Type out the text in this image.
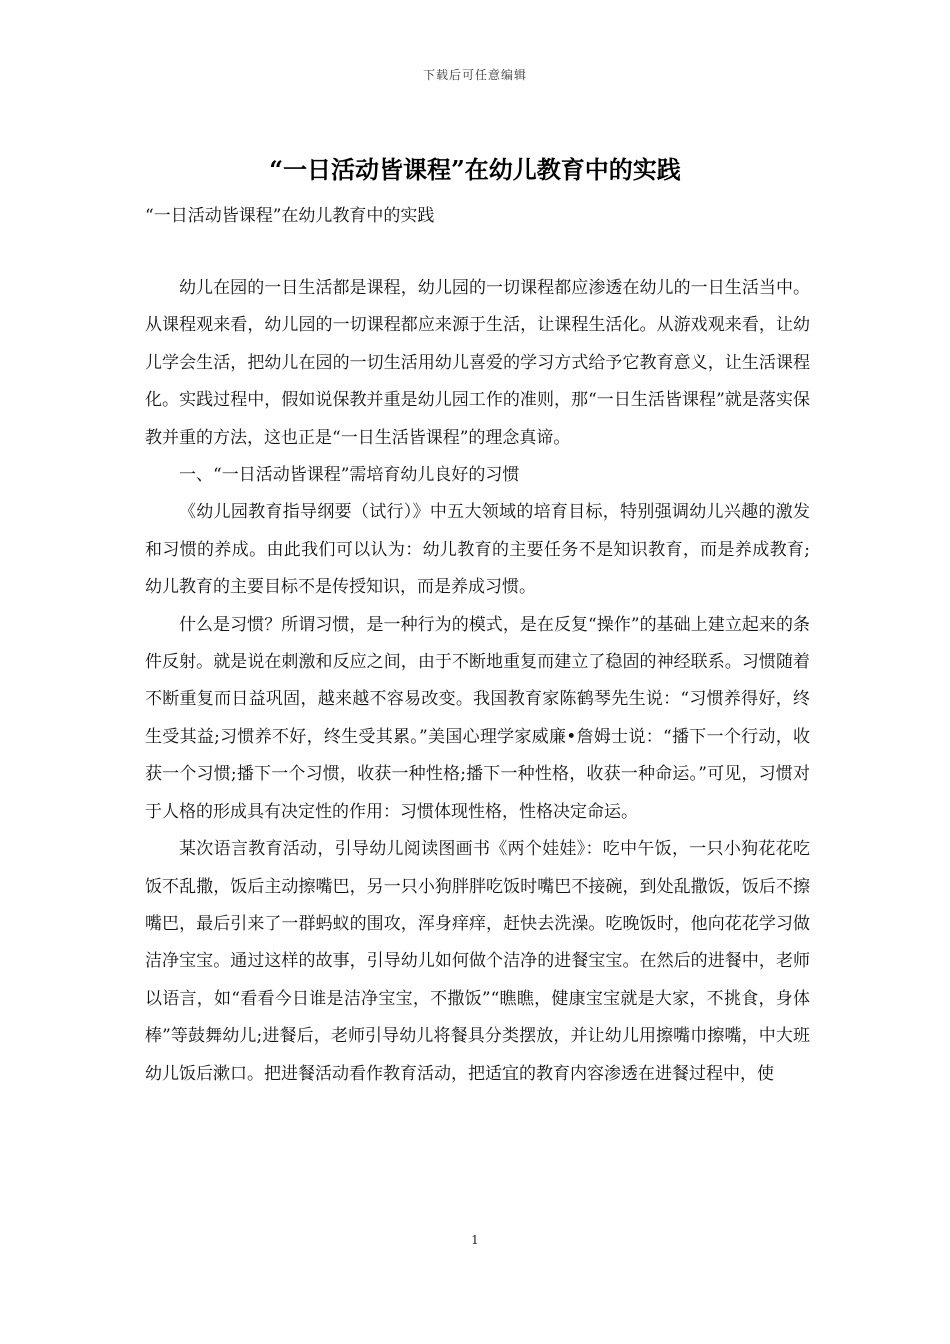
下载后可任意编辑
“一日活动皆课程”在幼儿教育中的实践
“一日活动皆课程”在幼儿教育中的实践

幼儿在园的一日生活都是课程，幼儿园的一切课程都应渗透在幼儿的一日生活当中。从课程观来看，幼儿园的一切课程都应来源于生活，让课程生活化。从游戏观来看，让幼儿学会生活，把幼儿在园的一切生活用幼儿喜爱的学习方式给予它教育意义，让生活课程化。实践过程中，假如说保教并重是幼儿园工作的准则，那“一日生活皆课程”就是落实保教并重的方法，这也正是“一日生活皆课程”的理念真谛。

一、“一日活动皆课程”需培育幼儿良好的习惯

《幼儿园教育指导纲要（试行）》中五大领域的培育目标，特别强调幼儿兴趣的激发和习惯的养成。由此我们可以认为：幼儿教育的主要任务不是知识教育，而是养成教育;幼儿教育的主要目标不是传授知识，而是养成习惯。

什么是习惯？所谓习惯，是一种行为的模式，是在反复“操作”的基础上建立起来的条件反射。就是说在刺激和反应之间，由于不断地重复而建立了稳固的神经联系。习惯随着不断重复而日益巩固，越来越不容易改变。我国教育家陈鹤琴先生说：“习惯养得好，终生受其益;习惯养不好，终生受其累。”美国心理学家威廉•詹姆士说：“播下一个行动，收获一个习惯;播下一个习惯，收获一种性格;播下一种性格，收获一种命运。”可见，习惯对于人格的形成具有决定性的作用：习惯体现性格，性格决定命运。

某次语言教育活动，引导幼儿阅读图画书《两个娃娃》：吃中午饭，一只小狗花花吃饭不乱撒，饭后主动擦嘴巴，另一只小狗胖胖吃饭时嘴巴不接碗，到处乱撒饭，饭后不擦嘴巴，最后引来了一群蚂蚁的围攻，浑身痒痒，赶快去洗澡。吃晚饭时，他向花花学习做洁净宝宝。通过这样的故事，引导幼儿如何做个洁净的进餐宝宝。在然后的进餐中，老师以语言，如“看看今日谁是洁净宝宝，不撒饭”“瞧瞧，健康宝宝就是大家，不挑食，身体棒”等鼓舞幼儿;进餐后，老师引导幼儿将餐具分类摆放，并让幼儿用擦嘴巾擦嘴，中大班幼儿饭后漱口。把进餐活动看作教育活动，把适宜的教育内容渗透在进餐过程中，使

1
